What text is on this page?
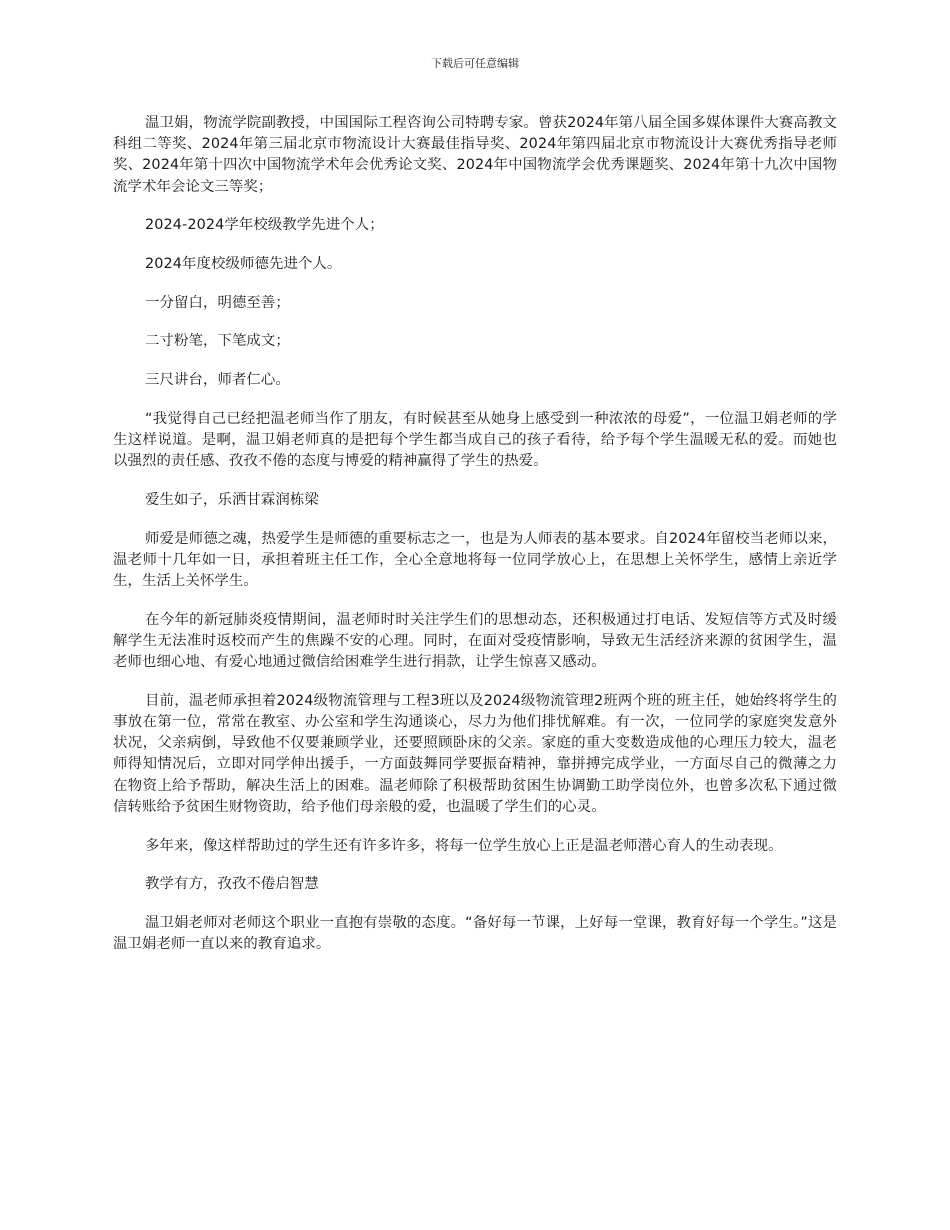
下载后可任意编辑

温卫娟，物流学院副教授，中国国际工程咨询公司特聘专家。曾获2024年第八届全国多媒体课件大赛高教文科组二等奖、2024年第三届北京市物流设计大赛最佳指导奖、2024年第四届北京市物流设计大赛优秀指导老师奖、2024年第十四次中国物流学术年会优秀论文奖、2024年中国物流学会优秀课题奖、2024年第十九次中国物流学术年会论文三等奖；

2024-2024学年校级教学先进个人；

2024年度校级师德先进个人。

一分留白，明德至善；

二寸粉笔，下笔成文；

三尺讲台，师者仁心。

“我觉得自己已经把温老师当作了朋友，有时候甚至从她身上感受到一种浓浓的母爱”，一位温卫娟老师的学生这样说道。是啊，温卫娟老师真的是把每个学生都当成自己的孩子看待，给予每个学生温暖无私的爱。而她也以强烈的责任感、孜孜不倦的态度与博爱的精神赢得了学生的热爱。

爱生如子，乐洒甘霖润栋梁

师爱是师德之魂，热爱学生是师德的重要标志之一，也是为人师表的基本要求。自2024年留校当老师以来，温老师十几年如一日，承担着班主任工作，全心全意地将每一位同学放心上，在思想上关怀学生，感情上亲近学生，生活上关怀学生。

在今年的新冠肺炎疫情期间，温老师时时关注学生们的思想动态，还积极通过打电话、发短信等方式及时缓解学生无法准时返校而产生的焦躁不安的心理。同时，在面对受疫情影响，导致无生活经济来源的贫困学生，温老师也细心地、有爱心地通过微信给困难学生进行捐款，让学生惊喜又感动。

目前，温老师承担着2024级物流管理与工程3班以及2024级物流管理2班两个班的班主任，她始终将学生的事放在第一位，常常在教室、办公室和学生沟通谈心，尽力为他们排忧解难。有一次，一位同学的家庭突发意外状况，父亲病倒，导致他不仅要兼顾学业，还要照顾卧床的父亲。家庭的重大变数造成他的心理压力较大，温老师得知情况后，立即对同学伸出援手，一方面鼓舞同学要振奋精神，靠拼搏完成学业，一方面尽自己的微薄之力在物资上给予帮助，解决生活上的困难。温老师除了积极帮助贫困生协调勤工助学岗位外，也曾多次私下通过微信转账给予贫困生财物资助，给予他们母亲般的爱，也温暖了学生们的心灵。

多年来，像这样帮助过的学生还有许多许多，将每一位学生放心上正是温老师潜心育人的生动表现。

教学有方，孜孜不倦启智慧

温卫娟老师对老师这个职业一直抱有崇敬的态度。“备好每一节课，上好每一堂课，教育好每一个学生。”这是温卫娟老师一直以来的教育追求。
